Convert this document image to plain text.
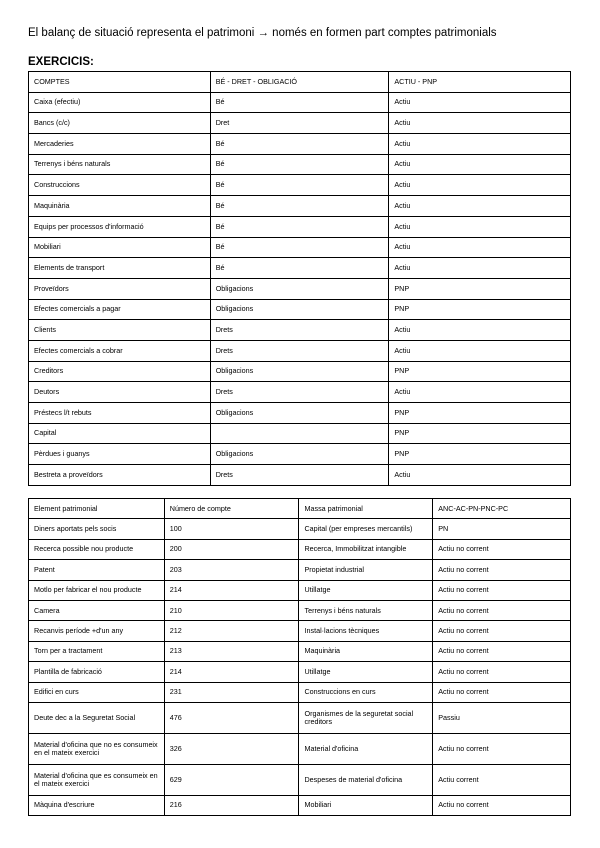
El balanç de situació representa el patrimoni → només en formen part comptes patrimonials
EXERCICIS:
COMPTES	BÉ - DRET - OBLIGACIÓ	ACTIU - PNP
Caixa (efectiu)	Bé	Actiu
Bancs (c/c)	Dret	Actiu
Mercaderies	Bé	Actiu
Terrenys i béns naturals	Bé	Actiu
Construccions	Bé	Actiu
Maquinària	Bé	Actiu
Equips per processos d'informació	Bé	Actiu
Mobiliari	Bé	Actiu
Elements de transport	Bé	Actiu
Proveïdors	Obligacions	PNP
Efectes comercials a pagar	Obligacions	PNP
Clients	Drets	Actiu
Efectes comercials a cobrar	Drets	Actiu
Creditors	Obligacions	PNP
Deutors	Drets	Actiu
Préstecs l/t rebuts	Obligacions	PNP
Capital		PNP
Pèrdues i guanys	Obligacions	PNP
Bestreta a proveïdors	Drets	Actiu
Element patrimonial	Número de compte	Massa patrimonial	ANC-AC-PN-PNC-PC
Diners aportats pels socis	100	Capital (per empreses mercantils)	PN
Recerca possible nou producte	200	Recerca, Immobilitzat intangible	Actiu no corrent
Patent	203	Propietat industrial	Actiu no corrent
Motlo per fabricar el nou producte	214	Utillatge	Actiu no corrent
Camera	210	Terrenys i béns naturals	Actiu no corrent
Recanvis període +d'un any	212	Instal·lacions tècniques	Actiu no corrent
Torn per a tractament	213	Maquinària	Actiu no corrent
Plantilla de fabricació	214	Utillatge	Actiu no corrent
Edifici en curs	231	Construccions en curs	Actiu no corrent
Deute dec a la Seguretat Social	476	Organismes de la seguretat social creditors	Passiu
Material d'oficina que no es consumeix en el mateix exercici	326	Material d'oficina	Actiu no corrent
Material d'oficina que es consumeix en el mateix exercici	629	Despeses de material d'oficina	Actiu corrent
Màquina d'escriure	216	Mobiliari	Actiu no corrent
